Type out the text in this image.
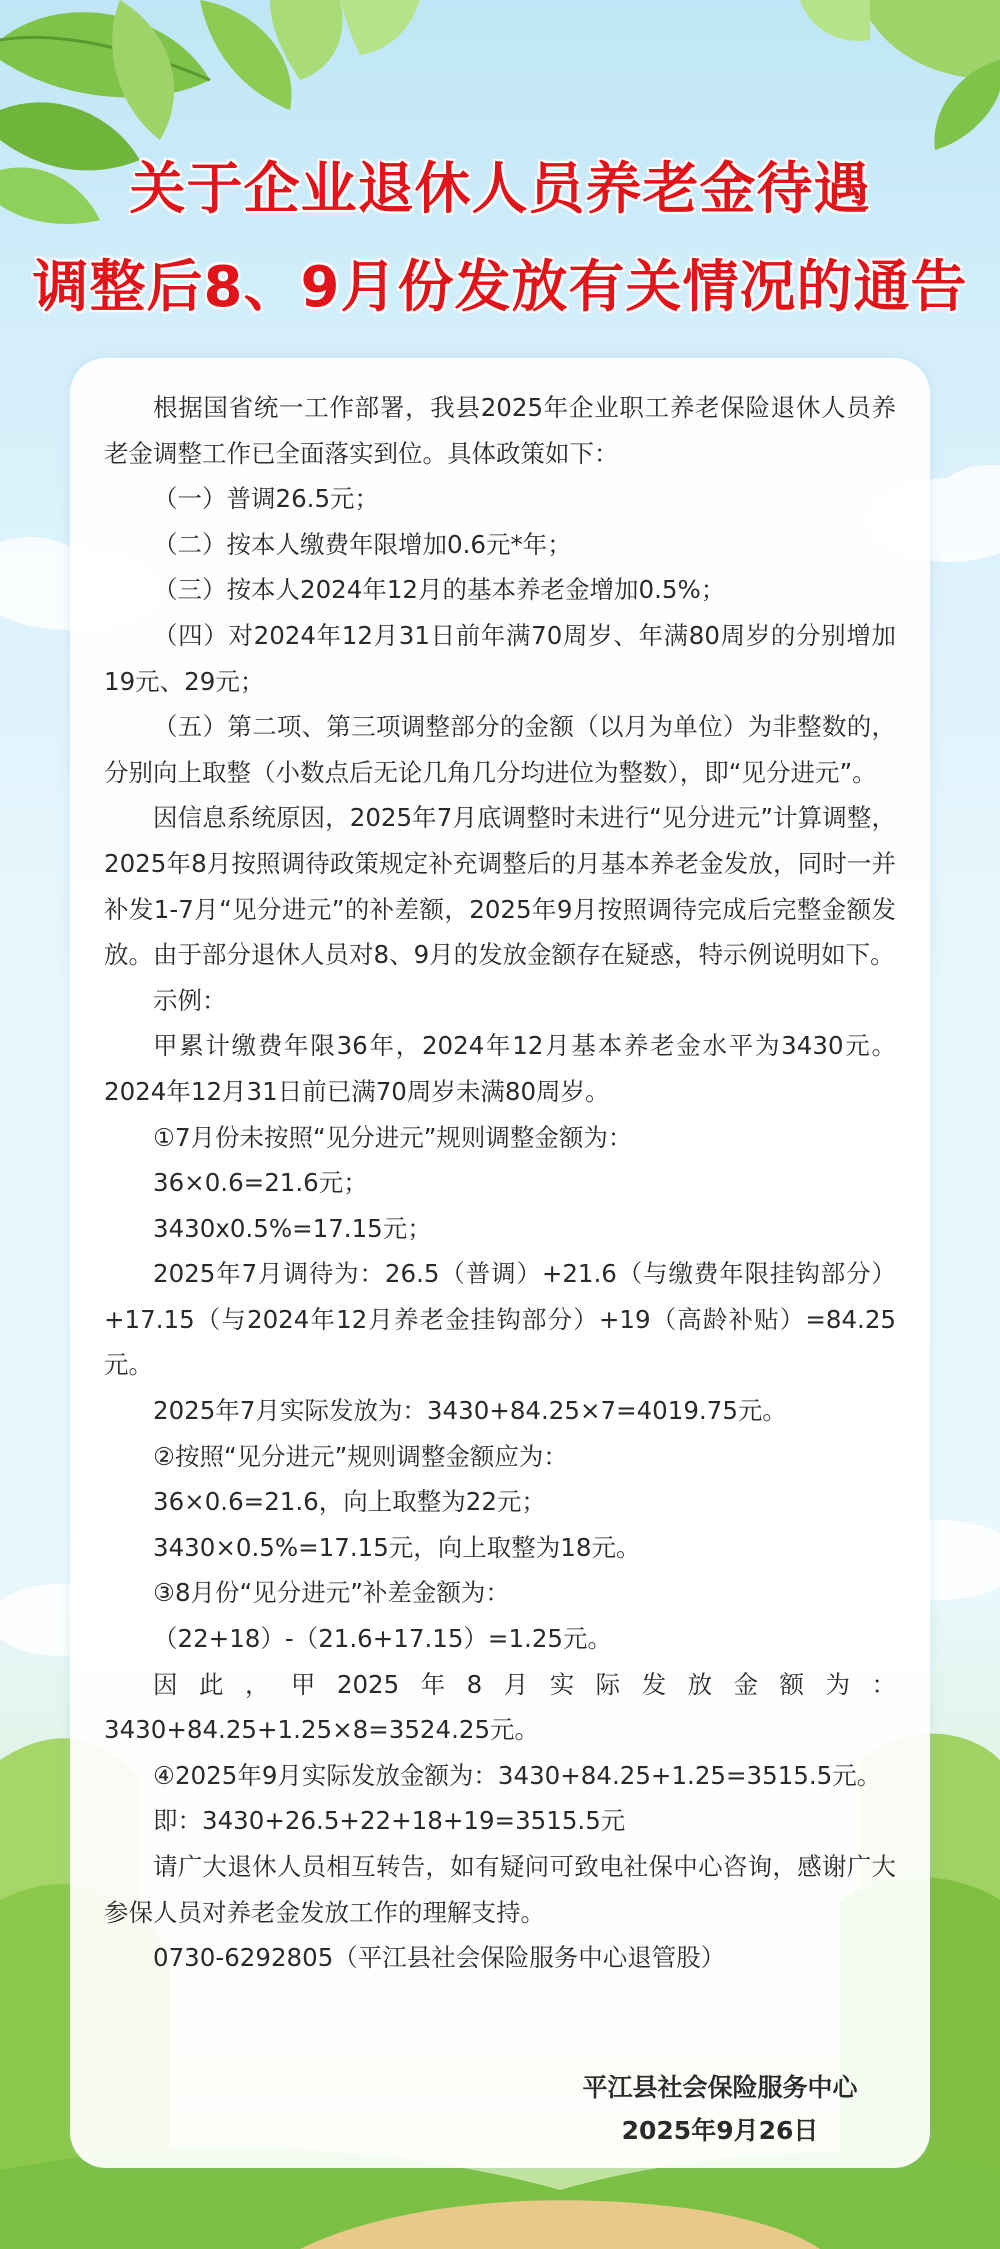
关于企业退休人员养老金待遇
调整后8、9月份发放有关情况的通告

根据国省统一工作部署，我县2025年企业职工养老保险退休人员养老金调整工作已全面落实到位。具体政策如下：

（一）普调26.5元；

（二）按本人缴费年限增加0.6元*年；

（三）按本人2024年12月的基本养老金增加0.5%；

（四）对2024年12月31日前年满70周岁、年满80周岁的分别增加19元、29元；

（五）第二项、第三项调整部分的金额（以月为单位）为非整数的，分别向上取整（小数点后无论几角几分均进位为整数），即“见分进元”。

因信息系统原因，2025年7月底调整时未进行“见分进元”计算调整，2025年8月按照调待政策规定补充调整后的月基本养老金发放，同时一并补发1-7月“见分进元”的补差额，2025年9月按照调待完成后完整金额发放。由于部分退休人员对8、9月的发放金额存在疑惑，特示例说明如下。

示例：

甲累计缴费年限36年，2024年12月基本养老金水平为3430元。2024年12月31日前已满70周岁未满80周岁。

①7月份未按照“见分进元”规则调整金额为：

36×0.6=21.6元；

3430x0.5%=17.15元；

2025年7月调待为：26.5（普调）+21.6（与缴费年限挂钩部分）+17.15（与2024年12月养老金挂钩部分）+19（高龄补贴）=84.25元。

2025年7月实际发放为：3430+84.25×7=4019.75元。

②按照“见分进元”规则调整金额应为：

36×0.6=21.6，向上取整为22元；

3430×0.5%=17.15元，向上取整为18元。

③8月份“见分进元”补差金额为：

（22+18）-（21.6+17.15）=1.25元。

因此，甲2025年8月实际发放金额为：3430+84.25+1.25×8=3524.25元。

④2025年9月实际发放金额为：3430+84.25+1.25=3515.5元。

即：3430+26.5+22+18+19=3515.5元

请广大退休人员相互转告，如有疑问可致电社保中心咨询，感谢广大参保人员对养老金发放工作的理解支持。

0730-6292805（平江县社会保险服务中心退管股）

平江县社会保险服务中心
2025年9月26日
